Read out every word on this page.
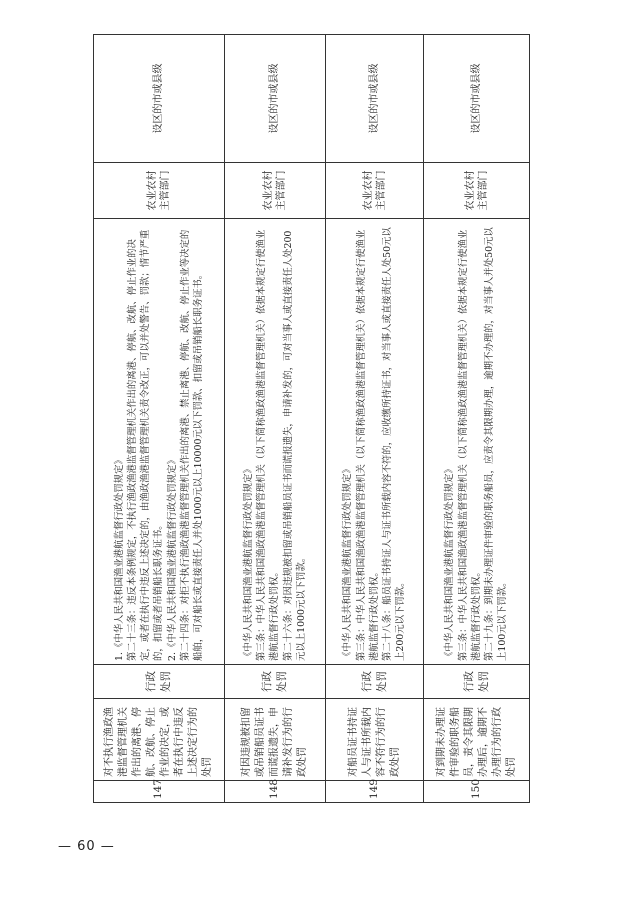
147	对不执行渔政渔港监督管理机关作出的离港、停航、改航、停止作业的决定，或者在执行中违反上述决定行为的处罚	行政处罚	1.《中华人民共和国渔业港航监督行政处罚规定》 第二十三条：违反本条例规定，不执行渔政渔港监督管理机关作出的离港、停航、改航、停止作业的决定，或者在执行中违反上述决定的，由渔政渔港监督管理机关责令改正，可以并处警告、罚款；情节严重的，扣留或者吊销船长职务证书。 2.《中华人民共和国渔业港航监督行政处罚规定》 第二十四条：对拒不执行渔政渔港监督管理机关作出的离港、禁止离港、停航、改航、停止作业等决定的船舶，可对船长或直接责任人并处1000元以上10000元以下罚款、扣留或吊销船长职务证书。	农业农村主管部门	设区的市或县级
148	对因违规被扣留或吊销船员证书而谎报遗失，申请补发行为的行政处罚	行政处罚	《中华人民共和国渔业港航监督行政处罚规定》 第三条：中华人民共和国渔政渔港监督管理机关（以下简称渔政渔港监督管理机关）依据本规定行使渔业港航监督行政处罚权。 第二十六条：对因违规被扣留或吊销船员证书而谎报遗失，申请补发的，可对当事人或直接责任人处200元以上1000元以下罚款。	农业农村主管部门	设区的市或县级
149	对船员证书持证人与证书所载内容不符行为的行政处罚	行政处罚	《中华人民共和国渔业港航监督行政处罚规定》 第三条：中华人民共和国渔政渔港监督管理机关（以下简称渔政渔港监督管理机关）依据本规定行使渔业港航监督行政处罚权。 第二十八条：船员证书持证人与证书所载内容不符的，应收缴所持证书，对当事人或直接责任人处50元以上200元以下罚款。	农业农村主管部门	设区的市或县级
150	对到期未办理证件审验的职务船员，责令其限期办理后，逾期不办理行为的行政处罚	行政处罚	《中华人民共和国渔业港航监督行政处罚规定》 第三条：中华人民共和国渔政渔港监督管理机关（以下简称渔政渔港监督管理机关）依据本规定行使渔业港航监督行政处罚权。 第二十九条：到期未办理证件审验的职务船员，应责令其限期办理，逾期不办理的，对当事人并处50元以上100元以下罚款。	农业农村主管部门	设区的市或县级
— 60 —
